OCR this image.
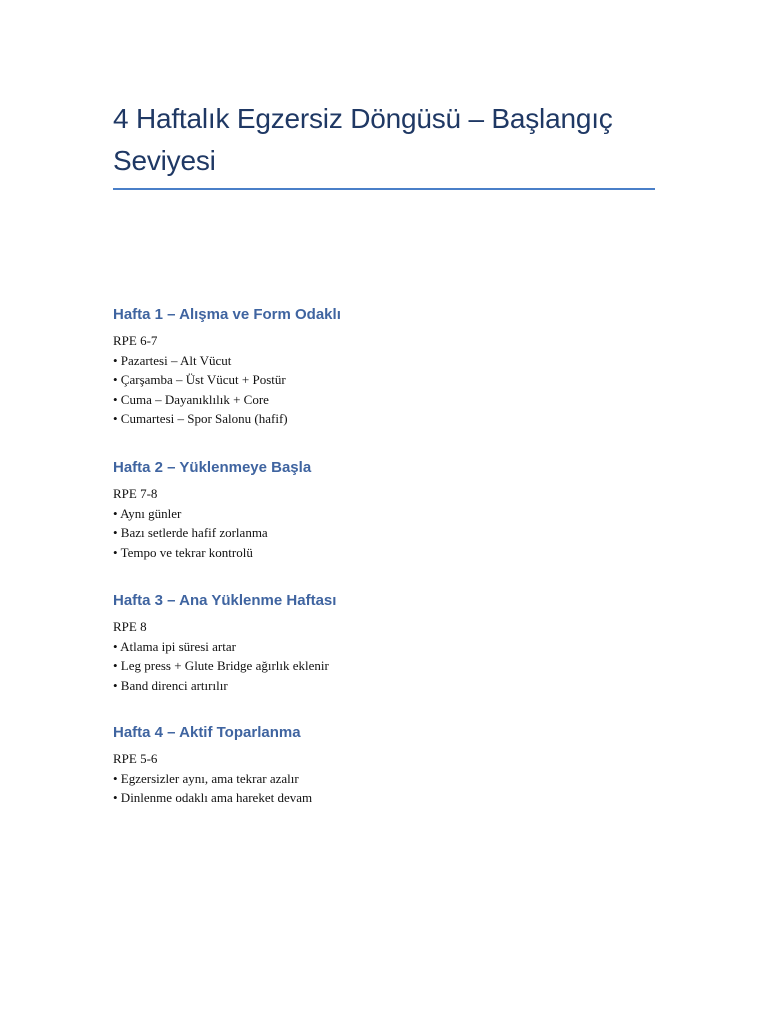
4 Haftalık Egzersiz Döngüsü – Başlangıç Seviyesi
Hafta 1 – Alışma ve Form Odaklı

RPE 6-7

• Pazartesi – Alt Vücut

• Çarşamba – Üst Vücut + Postür

• Cuma – Dayanıklılık + Core

• Cumartesi – Spor Salonu (hafif)

Hafta 2 – Yüklenmeye Başla

RPE 7-8

• Aynı günler

• Bazı setlerde hafif zorlanma

• Tempo ve tekrar kontrolü

Hafta 3 – Ana Yüklenme Haftası

RPE 8

• Atlama ipi süresi artar

• Leg press + Glute Bridge ağırlık eklenir

• Band direnci artırılır

Hafta 4 – Aktif Toparlanma

RPE 5-6

• Egzersizler aynı, ama tekrar azalır

• Dinlenme odaklı ama hareket devam
